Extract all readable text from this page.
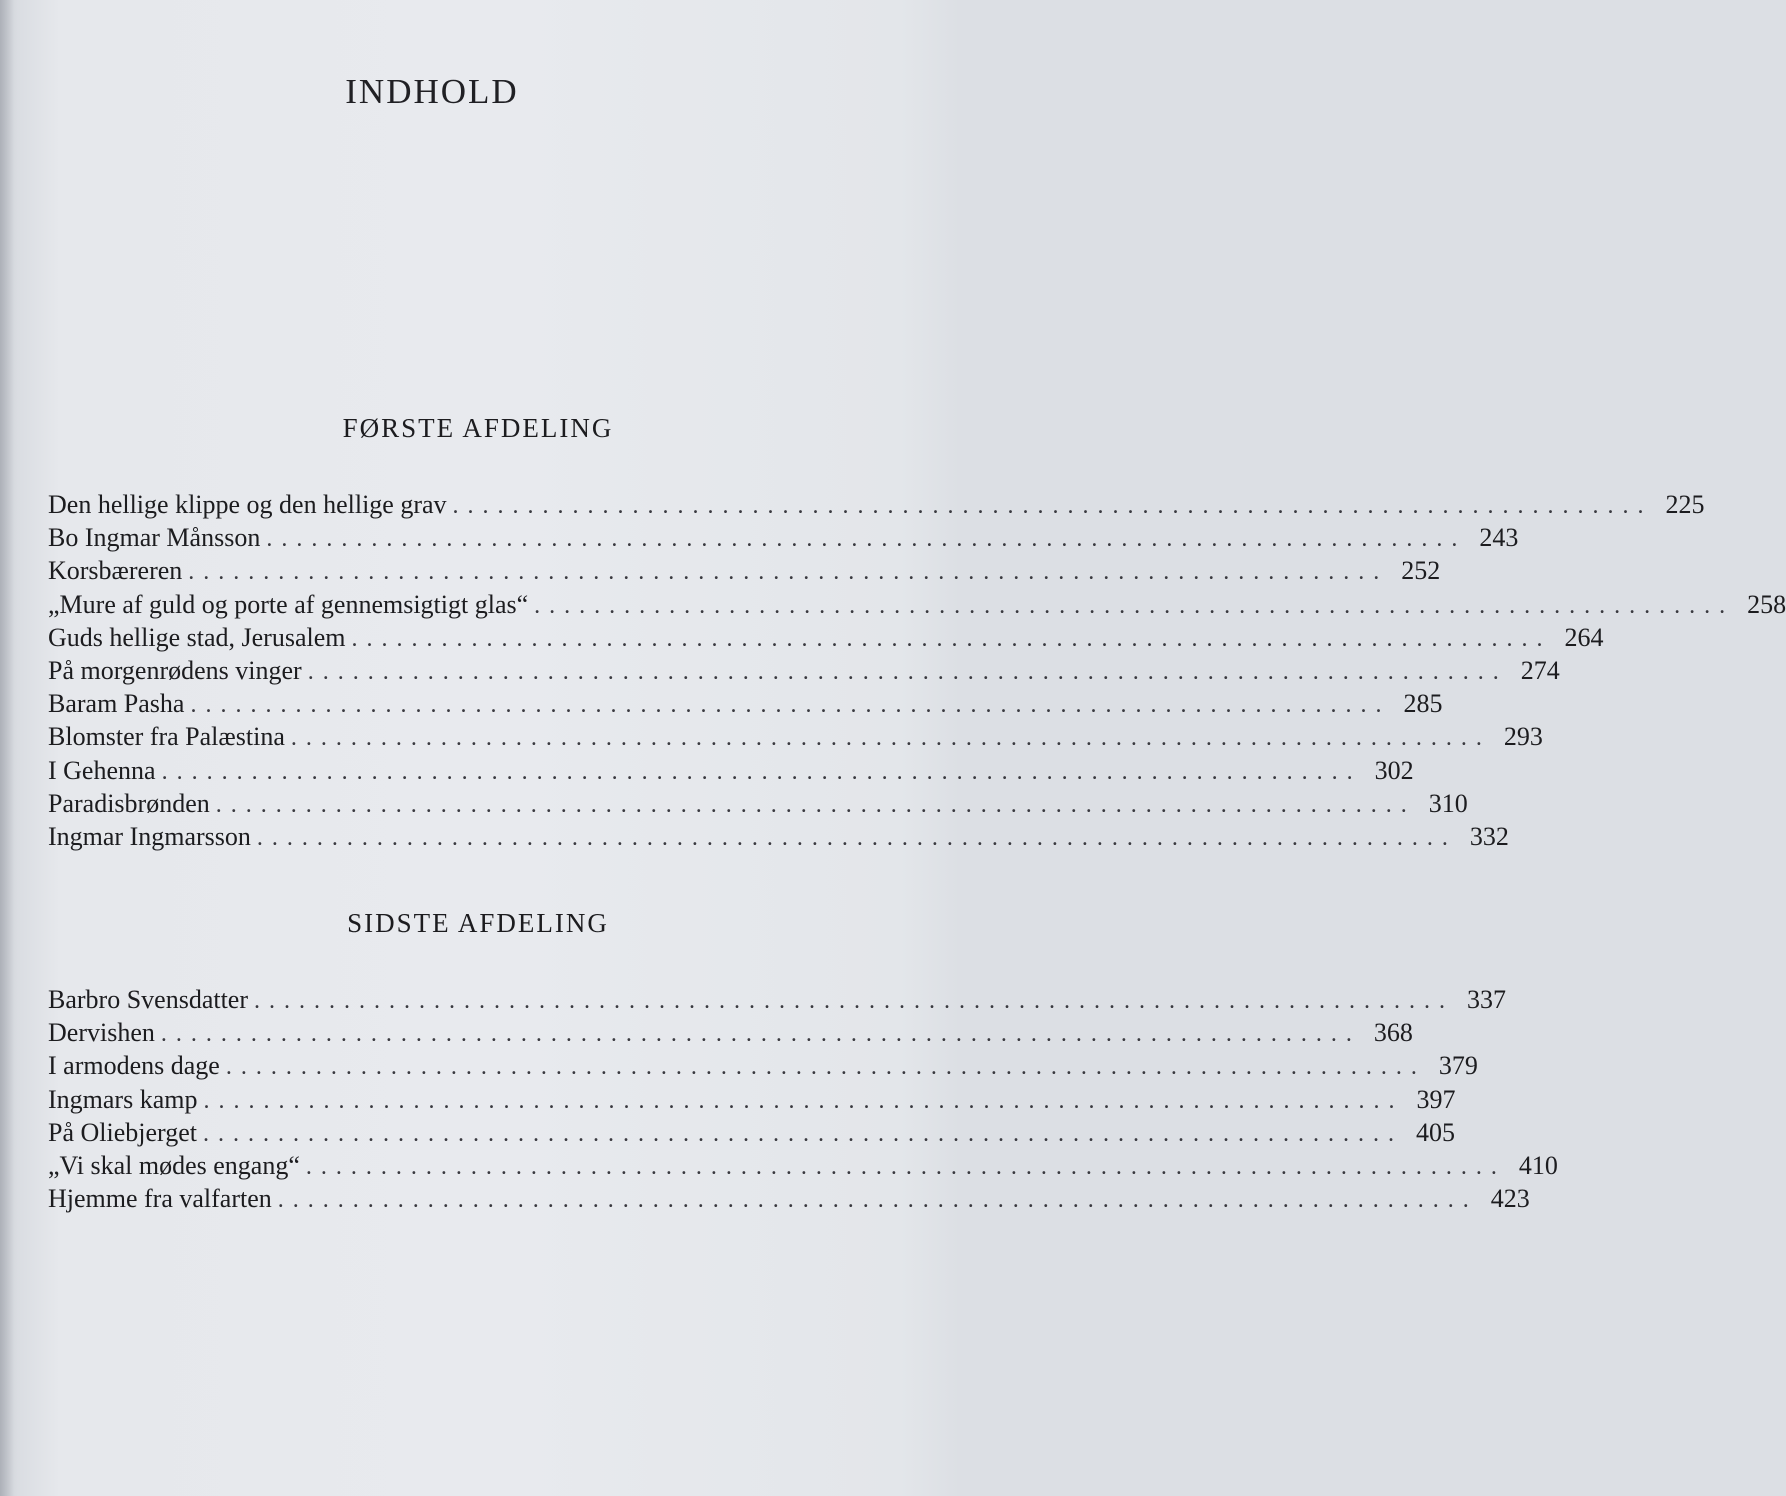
INDHOLD
FØRSTE AFDELING
Den hellige klippe og den hellige grav ................................................................................ 225
Bo Ingmar Månsson ................................................................................ 243
Korsbæreren ................................................................................ 252
„Mure af guld og porte af gennemsigtigt glas“ ................................................................................ 258
Guds hellige stad, Jerusalem ................................................................................ 264
På morgenrødens vinger ................................................................................ 274
Baram Pasha ................................................................................ 285
Blomster fra Palæstina ................................................................................ 293
I Gehenna ................................................................................ 302
Paradisbrønden ................................................................................ 310
Ingmar Ingmarsson ................................................................................ 332
SIDSTE AFDELING
Barbro Svensdatter ................................................................................ 337
Dervishen ................................................................................ 368
I armodens dage ................................................................................ 379
Ingmars kamp ................................................................................ 397
På Oliebjerget ................................................................................ 405
„Vi skal mødes engang“ ................................................................................ 410
Hjemme fra valfarten ................................................................................ 423
